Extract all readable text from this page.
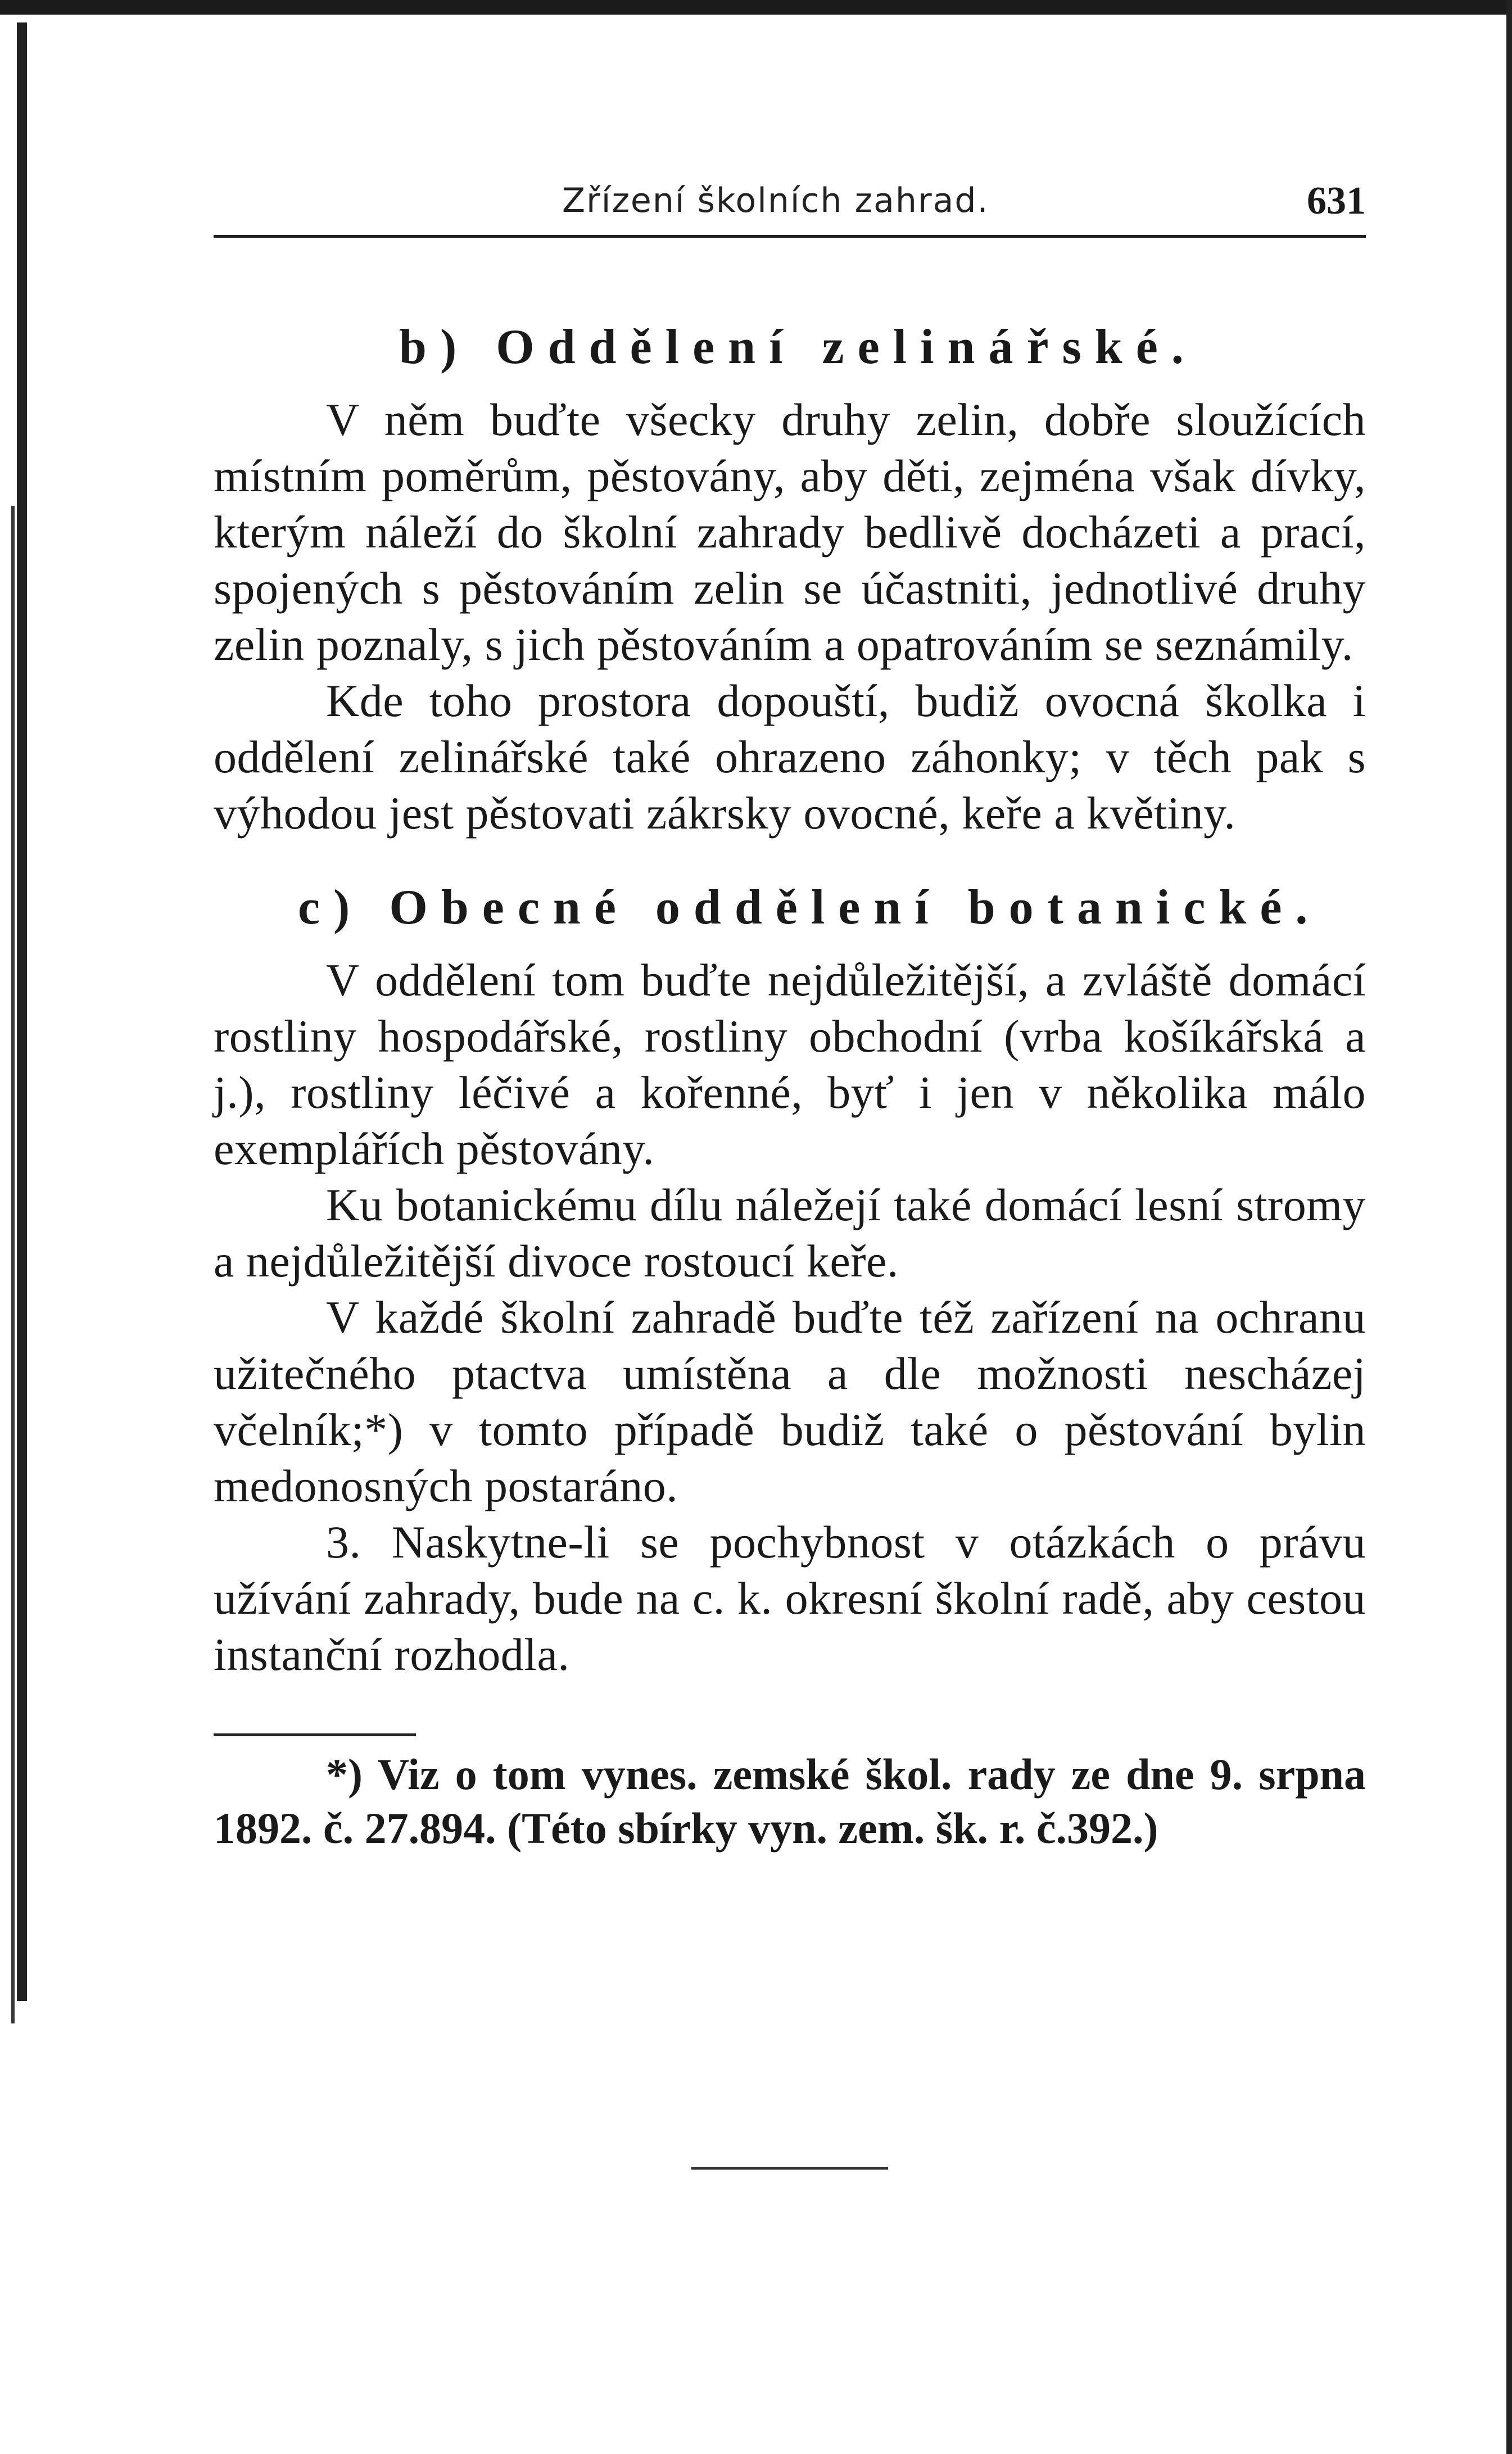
Zřízení školních zahrad.	631
b) Oddělení zelinářské.

V něm buďte všecky druhy zelin, dobře sloužících místním poměrům, pěstovány, aby děti, zejména však dívky, kterým náleží do školní zahrady bedlivě docházeti a prací, spojených s pěstováním zelin se účastniti, jednotlivé druhy zelin poznaly, s jich pěstováním a opatrováním se seznámily.

Kde toho prostora dopouští, budiž ovocná školka i oddělení zelinářské také ohrazeno záhonky; v těch pak s výhodou jest pěstovati zákrsky ovocné, keře a květiny.

c) Obecné oddělení botanické.

V oddělení tom buďte nejdůležitější, a zvláště domácí rostliny hospodářské, rostliny obchodní (vrba košíkářská a j.), rostliny léčivé a kořenné, byť i jen v několika málo exemplářích pěstovány.

Ku botanickému dílu náležejí také domácí lesní stromy a nejdůležitější divoce rostoucí keře.

V každé školní zahradě buďte též zařízení na ochranu užitečného ptactva umístěna a dle možnosti nescházej včelník;*) v tomto případě budiž také o pěstování bylin medonosných postaráno.

3. Naskytne-li se pochybnost v otázkách o právu užívání zahrady, bude na c. k. okresní školní radě, aby cestou instanční rozhodla.

*) Viz o tom vynes. zemské škol. rady ze dne 9. srpna 1892. č. 27.894. (Této sbírky vyn. zem. šk. r. č.392.)
